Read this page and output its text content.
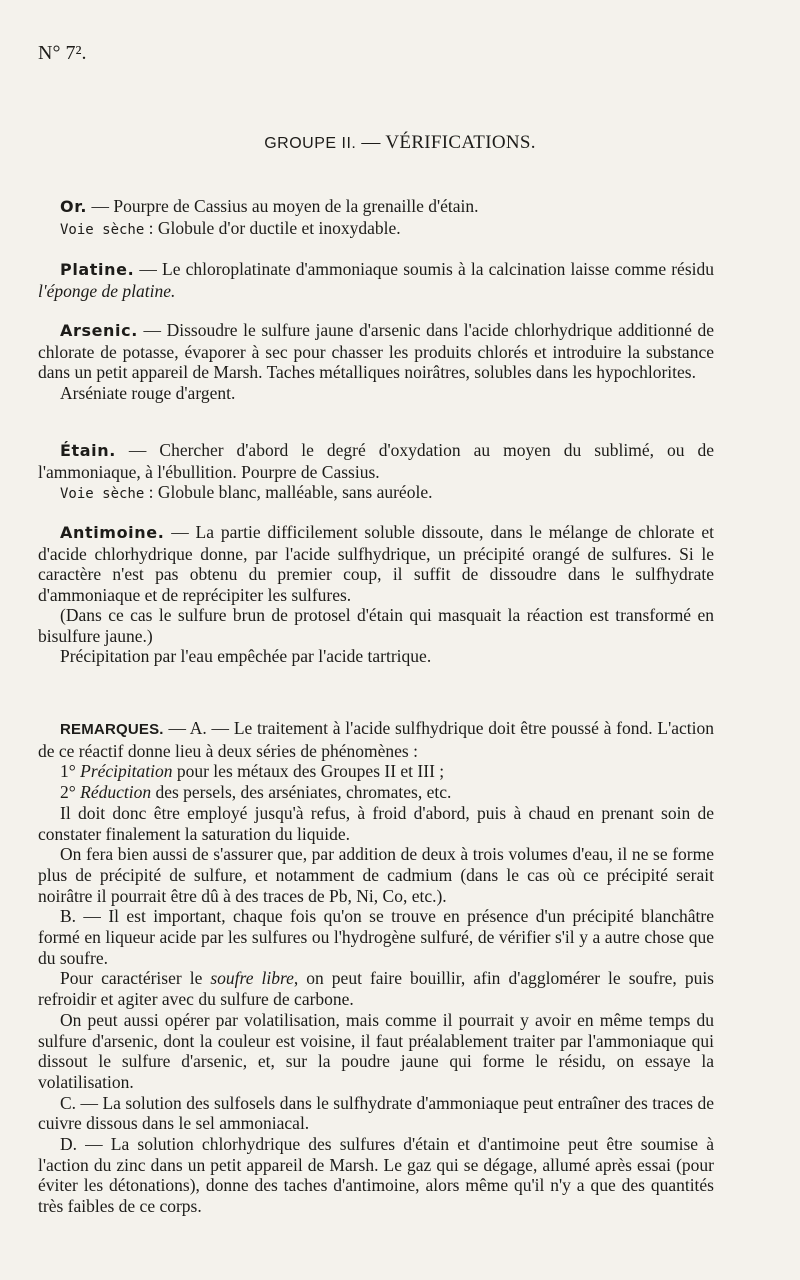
N° 7².
GROUPE II. — VÉRIFICATIONS.

Or. — Pourpre de Cassius au moyen de la grenaille d'étain.

Voie sèche : Globule d'or ductile et inoxydable.

Platine. — Le chloroplatinate d'ammoniaque soumis à la calcination laisse comme résidu l'éponge de platine.

Arsenic. — Dissoudre le sulfure jaune d'arsenic dans l'acide chlorhydrique additionné de chlorate de potasse, évaporer à sec pour chasser les produits chlorés et introduire la substance dans un petit appareil de Marsh. Taches métalliques noirâtres, solubles dans les hypochlorites.

Arséniate rouge d'argent.

Étain. — Chercher d'abord le degré d'oxydation au moyen du sublimé, ou de l'ammoniaque, à l'ébullition. Pourpre de Cassius.

Voie sèche : Globule blanc, malléable, sans auréole.

Antimoine. — La partie difficilement soluble dissoute, dans le mélange de chlorate et d'acide chlorhydrique donne, par l'acide sulfhydrique, un précipité orangé de sulfures. Si le caractère n'est pas obtenu du premier coup, il suffit de dissoudre dans le sulfhydrate d'ammoniaque et de reprécipiter les sulfures.

(Dans ce cas le sulfure brun de protosel d'étain qui masquait la réaction est transformé en bisulfure jaune.)

Précipitation par l'eau empêchée par l'acide tartrique.

REMARQUES. — A. — Le traitement à l'acide sulfhydrique doit être poussé à fond. L'action de ce réactif donne lieu à deux séries de phénomènes :

1° Précipitation pour les métaux des Groupes II et III ;

2° Réduction des persels, des arséniates, chromates, etc.

Il doit donc être employé jusqu'à refus, à froid d'abord, puis à chaud en prenant soin de constater finalement la saturation du liquide.

On fera bien aussi de s'assurer que, par addition de deux à trois volumes d'eau, il ne se forme plus de précipité de sulfure, et notamment de cadmium (dans le cas où ce précipité serait noirâtre il pourrait être dû à des traces de Pb, Ni, Co, etc.).

B. — Il est important, chaque fois qu'on se trouve en présence d'un précipité blanchâtre formé en liqueur acide par les sulfures ou l'hydrogène sulfuré, de vérifier s'il y a autre chose que du soufre.

Pour caractériser le soufre libre, on peut faire bouillir, afin d'agglomérer le soufre, puis refroidir et agiter avec du sulfure de carbone.

On peut aussi opérer par volatilisation, mais comme il pourrait y avoir en même temps du sulfure d'arsenic, dont la couleur est voisine, il faut préalablement traiter par l'ammoniaque qui dissout le sulfure d'arsenic, et, sur la poudre jaune qui forme le résidu, on essaye la volatilisation.

C. — La solution des sulfosels dans le sulfhydrate d'ammoniaque peut entraîner des traces de cuivre dissous dans le sel ammoniacal.

D. — La solution chlorhydrique des sulfures d'étain et d'antimoine peut être soumise à l'action du zinc dans un petit appareil de Marsh. Le gaz qui se dégage, allumé après essai (pour éviter les détonations), donne des taches d'antimoine, alors même qu'il n'y a que des quantités très faibles de ce corps.
